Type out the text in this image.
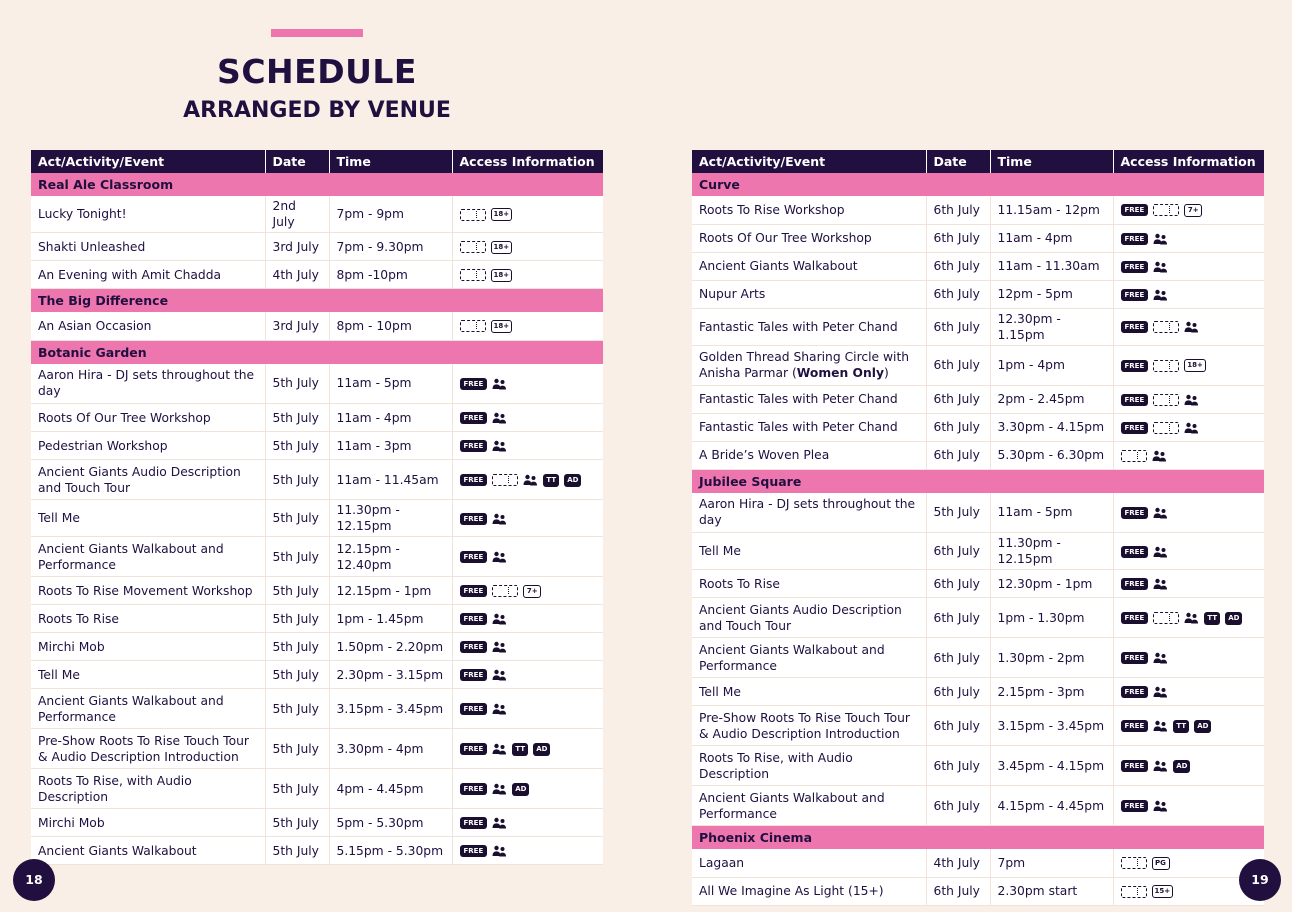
SCHEDULE
ARRANGED BY VENUE
Act/Activity/Event	Date	Time	Access Information
Real Ale Classroom			
Lucky Tonight!	2nd July	7pm - 9pm	18+
Shakti Unleashed	3rd July	7pm - 9.30pm	18+
An Evening with Amit Chadda	4th July	8pm -10pm	18+
The Big Difference			
An Asian Occasion	3rd July	8pm - 10pm	18+
Botanic Garden			
Aaron Hira - DJ sets throughout the day	5th July	11am - 5pm	FREE
Roots Of Our Tree Workshop	5th July	11am - 4pm	FREE
Pedestrian Workshop	5th July	11am - 3pm	FREE
Ancient Giants Audio Description and Touch Tour	5th July	11am - 11.45am	FREE TT AD
Tell Me	5th July	11.30pm - 12.15pm	FREE
Ancient Giants Walkabout and Performance	5th July	12.15pm - 12.40pm	FREE
Roots To Rise Movement Workshop	5th July	12.15pm - 1pm	FREE 7+
Roots To Rise	5th July	1pm - 1.45pm	FREE
Mirchi Mob	5th July	1.50pm - 2.20pm	FREE
Tell Me	5th July	2.30pm - 3.15pm	FREE
Ancient Giants Walkabout and Performance	5th July	3.15pm - 3.45pm	FREE
Pre-Show Roots To Rise Touch Tour & Audio Description Introduction	5th July	3.30pm - 4pm	FREE TT AD
Roots To Rise, with Audio Description	5th July	4pm - 4.45pm	FREE AD
Mirchi Mob	5th July	5pm - 5.30pm	FREE
Ancient Giants Walkabout	5th July	5.15pm - 5.30pm	FREE
Act/Activity/Event	Date	Time	Access Information
Curve			
Roots To Rise Workshop	6th July	11.15am - 12pm	FREE 7+
Roots Of Our Tree Workshop	6th July	11am - 4pm	FREE
Ancient Giants Walkabout	6th July	11am - 11.30am	FREE
Nupur Arts	6th July	12pm - 5pm	FREE
Fantastic Tales with Peter Chand	6th July	12.30pm - 1.15pm	FREE
Golden Thread Sharing Circle with Anisha Parmar (Women Only)	6th July	1pm - 4pm	FREE 18+
Fantastic Tales with Peter Chand	6th July	2pm - 2.45pm	FREE
Fantastic Tales with Peter Chand	6th July	3.30pm - 4.15pm	FREE
A Bride’s Woven Plea	6th July	5.30pm - 6.30pm	
Jubilee Square			
Aaron Hira - DJ sets throughout the day	5th July	11am - 5pm	FREE
Tell Me	6th July	11.30pm - 12.15pm	FREE
Roots To Rise	6th July	12.30pm - 1pm	FREE
Ancient Giants Audio Description and Touch Tour	6th July	1pm - 1.30pm	FREE TT AD
Ancient Giants Walkabout and Performance	6th July	1.30pm - 2pm	FREE
Tell Me	6th July	2.15pm - 3pm	FREE
Pre-Show Roots To Rise Touch Tour & Audio Description Introduction	6th July	3.15pm - 3.45pm	FREE TT AD
Roots To Rise, with Audio Description	6th July	3.45pm - 4.15pm	FREE AD
Ancient Giants Walkabout and Performance	6th July	4.15pm - 4.45pm	FREE
Phoenix Cinema			
Lagaan	4th July	7pm	PG
All We Imagine As Light (15+)	6th July	2.30pm start	15+
18	19
